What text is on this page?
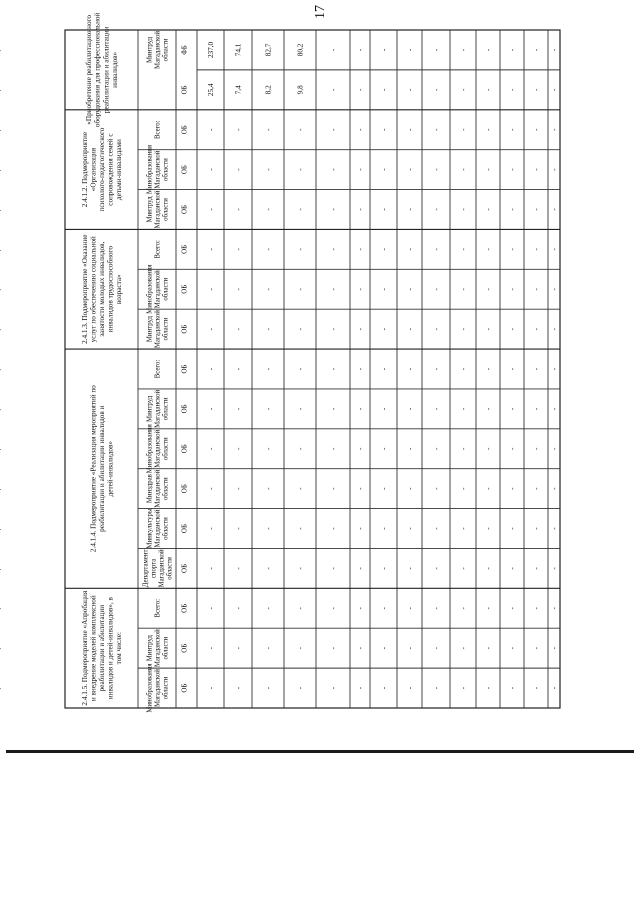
17
«Приобретение реабилитационногооборудования для профессиональнойреабилитации и абилитацииинвалидов»
МинтрудМагаданскойобласти ФБ	237,0	74,1	82,7	80,2	-	- -	-	-	- - - - -
ОБ	25,4	7,4	8,2	9,8	-	- -	-	-	- - - - -
2.4.1.2. Подмероприятие«Организацияпсихолого-педагогическогосопровождения семей сдетьми-инвалидами
Всего:	ОБ	-	-	-	-	-	- -	-	-	- - - - -
МинобразованияМагаданскойобласти ОБ	-	-	-	-	-	- -	-	-	- - - - -
МинтрудМагаданскойобласти ОБ	-	-	-	-	-	- -	-	-	- - - - -
2.4.1.3. Подмероприятие «Оказаниеуслуг по обеспечению социальнойзанятости молодых инвалидов,инвалидов трудоспособноговозраста»
Всего:	ОБ	-	-	-	-	-	- -	-	-	- - - - -
МинобразованияМагаданскойобласти ОБ	-	-	-	-	-	- -	-	-	- - - - -
МинтрудМагаданскойобласти ОБ	-	-	-	-	-	- -	-	-	- - - - -
2.4.1.4. Подмероприятие «Реализация мероприятий пореабилитации и абилитации инвалидов идетей-инвалидов»
Всего:	ОБ	-	-	-	-	-	- -	-	-	- - - - -
МинтрудМагаданскойобласти ОБ	-	-	-	-	-	- -	-	-	- - - - -
МинобразованияМагаданскойобласти ОБ	-	-	-	-	-	- -	-	-	- - - - -
МинздравМагаданскойобласти ОБ	-	-	-	-	-	- -	-	-	- - - - -
МинкультурыМагаданскойобласти ОБ	-	-	-	-	-	- -	-	-	- - - - -
ДепартаментспортаМагаданскойобласти ОБ	-	-	-	-	-	- -	-	-	- - - - -
2.4.1.5. Подмероприятие «Апробацияи внедрение моделей комплекснойреабилитации и абилитацииинвалидов и детей-инвалидов», втом числе:
Всего:	ОБ	-	-	-	-	-	- -	-	-	- - - - -
МинтрудМагаданскойобласти ОБ	-	-	-	-	-	- -	-	-	- - - - -
МинобразованияМагаданскойобласти ОБ	-	-	-	-	-	- -	-	-	- - - - -
